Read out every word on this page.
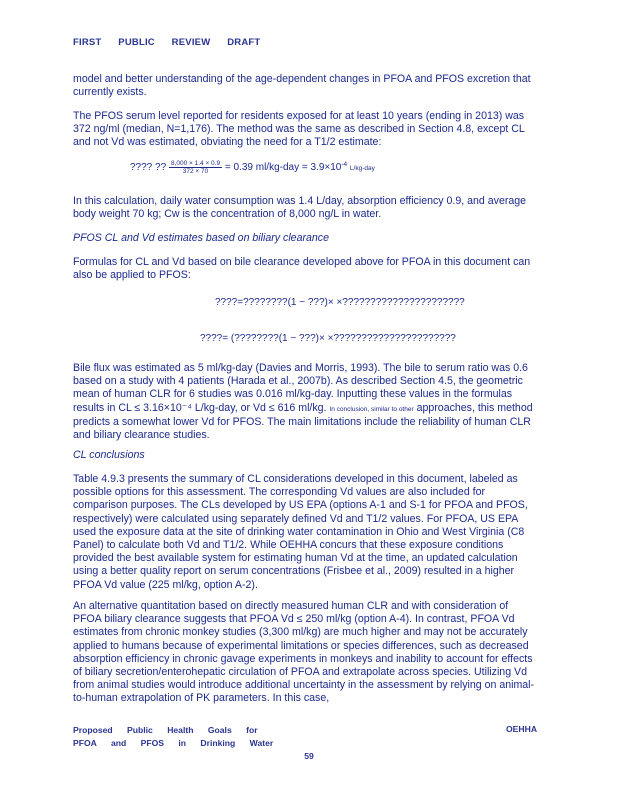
FIRST PUBLIC REVIEW DRAFT
model and better understanding of the age-dependent changes in PFOA and PFOS excretion that currently exists.
The PFOS serum level reported for residents exposed for at least 10 years (ending in 2013) was 372 ng/ml (median, N=1,176). The method was the same as described in Section 4.8, except CL and not Vd was estimated, obviating the need for a T1/2 estimate:
???? ?? $\frac{8,000 \times 1.4 \times 0.9}{372 \times 70} = 0.39$ $ml/kg-day = 3.9\times 10^{-4}$ L/kg-day
In this calculation, daily water consumption was 1.4 L/day, absorption efficiency 0.9, and average body weight 70 kg; Cw is the concentration of 8,000 ng/L in water.
PFOS CL and Vd estimates based on biliary clearance
Formulas for CL and Vd based on bile clearance developed above for PFOA in this document can also be applied to PFOS:
????=????????(1 − ???)× ×??????????????????????
????= (????????(1 − ???)× ×??????????????????????
Bile flux was estimated as 5 ml/kg-day (Davies and Morris, 1993). The bile to serum ratio was 0.6 based on a study with 4 patients (Harada et al., 2007b). As described Section 4.5, the geometric mean of human CLR for 6 studies was 0.016 ml/kg-day. Inputting these values in the formulas results in CL ≤ 3.16×10⁻⁴ L/kg-day, or Vd ≤ 616 ml/kg. In conclusion, similar to other approaches, this method predicts a somewhat lower Vd for PFOS. The main limitations include the reliability of human CLR and biliary clearance studies.
CL conclusions
Table 4.9.3 presents the summary of CL considerations developed in this document, labeled as possible options for this assessment. The corresponding Vd values are also included for comparison purposes. The CLs developed by US EPA (options A-1 and S-1 for PFOA and PFOS, respectively) were calculated using separately defined Vd and T1/2 values. For PFOA, US EPA used the exposure data at the site of drinking water contamination in Ohio and West Virginia (C8 Panel) to calculate both Vd and T1/2. While OEHHA concurs that these exposure conditions provided the best available system for estimating human Vd at the time, an updated calculation using a better quality report on serum concentrations (Frisbee et al., 2009) resulted in a higher PFOA Vd value (225 ml/kg, option A-2).
An alternative quantitation based on directly measured human CLR and with consideration of PFOA biliary clearance suggests that PFOA Vd ≤ 250 ml/kg (option A-4). In contrast, PFOA Vd estimates from chronic monkey studies (3,300 ml/kg) are much higher and may not be accurately applied to humans because of experimental limitations or species differences, such as decreased absorption efficiency in chronic gavage experiments in monkeys and inability to account for effects of biliary secretion/enterohepatic circulation of PFOA and extrapolate across species. Utilizing Vd from animal studies would introduce additional uncertainty in the assessment by relying on animal-to-human extrapolation of PK parameters. In this case,
Proposed Public Health Goals for
PFOA and PFOS in Drinking Water
OEHHA
59
